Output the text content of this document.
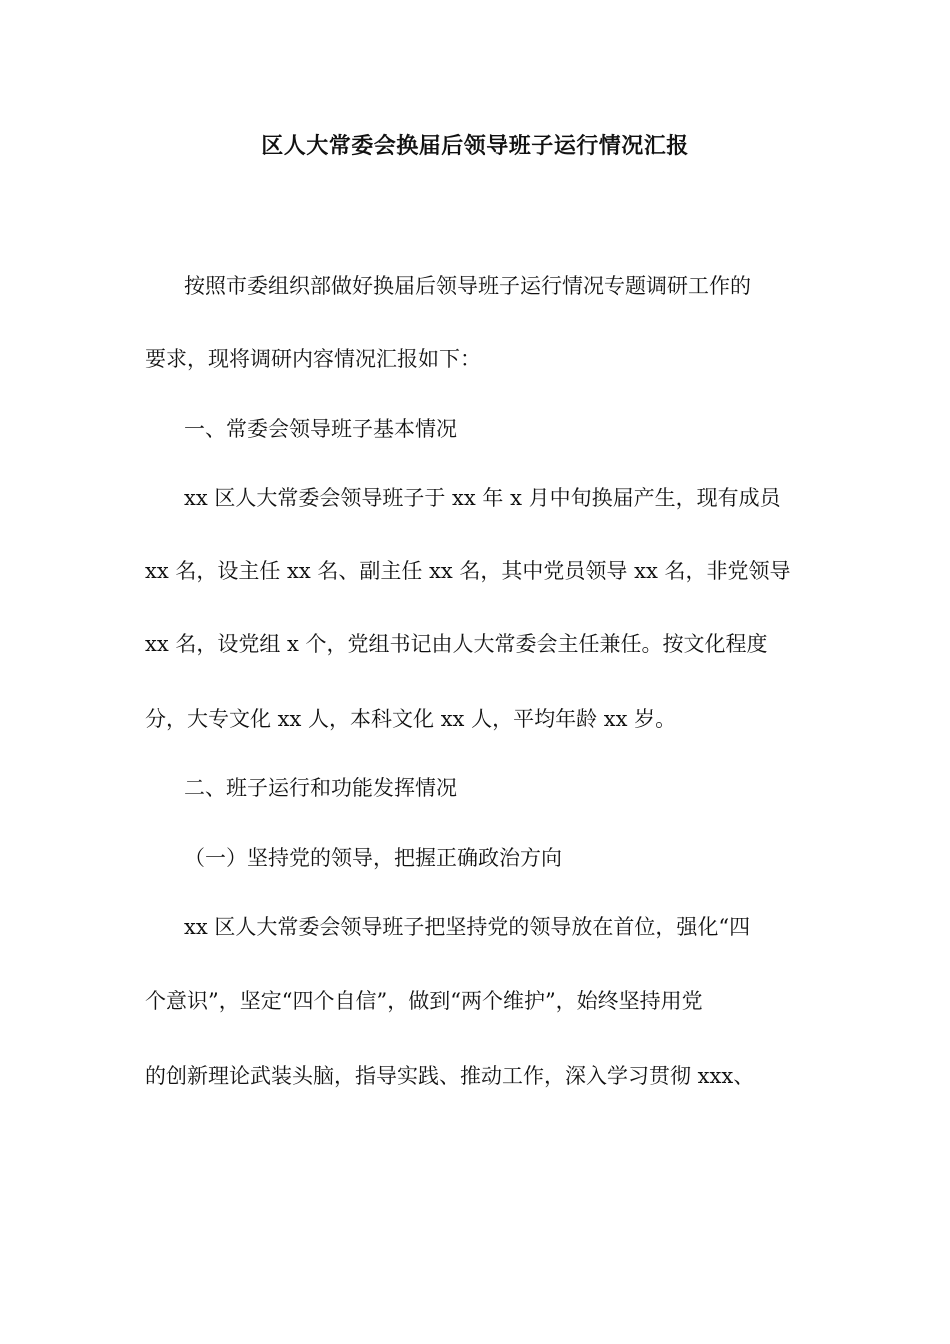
区人大常委会换届后领导班子运行情况汇报

按照市委组织部做好换届后领导班子运行情况专题调研工作的

要求，现将调研内容情况汇报如下：

一、常委会领导班子基本情况

xx 区人大常委会领导班子于 xx 年 x 月中旬换届产生，现有成员

xx 名，设主任 xx 名、副主任 xx 名，其中党员领导 xx 名，非党领导

xx 名，设党组 x 个，党组书记由人大常委会主任兼任。按文化程度

分，大专文化 xx 人，本科文化 xx 人，平均年龄 xx 岁。

二、班子运行和功能发挥情况

（一）坚持党的领导，把握正确政治方向

xx 区人大常委会领导班子把坚持党的领导放在首位，强化“四

个意识”，坚定“四个自信”，做到“两个维护”，始终坚持用党

的创新理论武装头脑，指导实践、推动工作，深入学习贯彻 xxx、
